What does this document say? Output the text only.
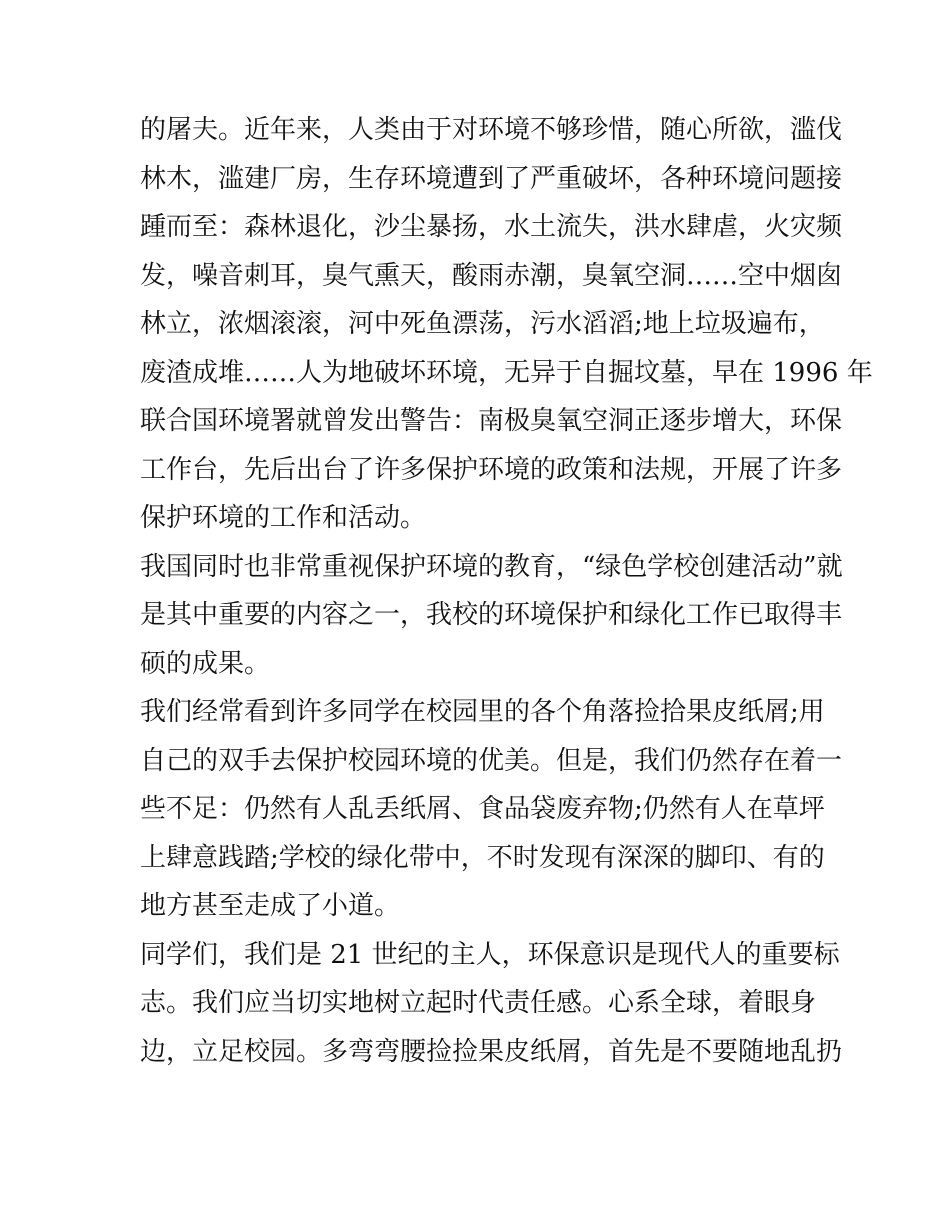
的屠夫。近年来，人类由于对环境不够珍惜，随心所欲，滥伐
林木，滥建厂房，生存环境遭到了严重破坏，各种环境问题接
踵而至：森林退化，沙尘暴扬，水土流失，洪水肆虐，火灾频
发，噪音刺耳，臭气熏天，酸雨赤潮，臭氧空洞……空中烟囱
林立，浓烟滚滚，河中死鱼漂荡，污水滔滔;地上垃圾遍布，
废渣成堆……人为地破坏环境，无异于自掘坟墓，早在 1996 年
联合国环境署就曾发出警告：南极臭氧空洞正逐步增大，环保
工作台，先后出台了许多保护环境的政策和法规，开展了许多
保护环境的工作和活动。
我国同时也非常重视保护环境的教育，“绿色学校创建活动”就
是其中重要的内容之一，我校的环境保护和绿化工作已取得丰
硕的成果。
我们经常看到许多同学在校园里的各个角落捡拾果皮纸屑;用
自己的双手去保护校园环境的优美。但是，我们仍然存在着一
些不足：仍然有人乱丢纸屑、食品袋废弃物;仍然有人在草坪
上肆意践踏;学校的绿化带中，不时发现有深深的脚印、有的
地方甚至走成了小道。
同学们，我们是 21 世纪的主人，环保意识是现代人的重要标
志。我们应当切实地树立起时代责任感。心系全球，着眼身
边，立足校园。多弯弯腰捡捡果皮纸屑，首先是不要随地乱扔
